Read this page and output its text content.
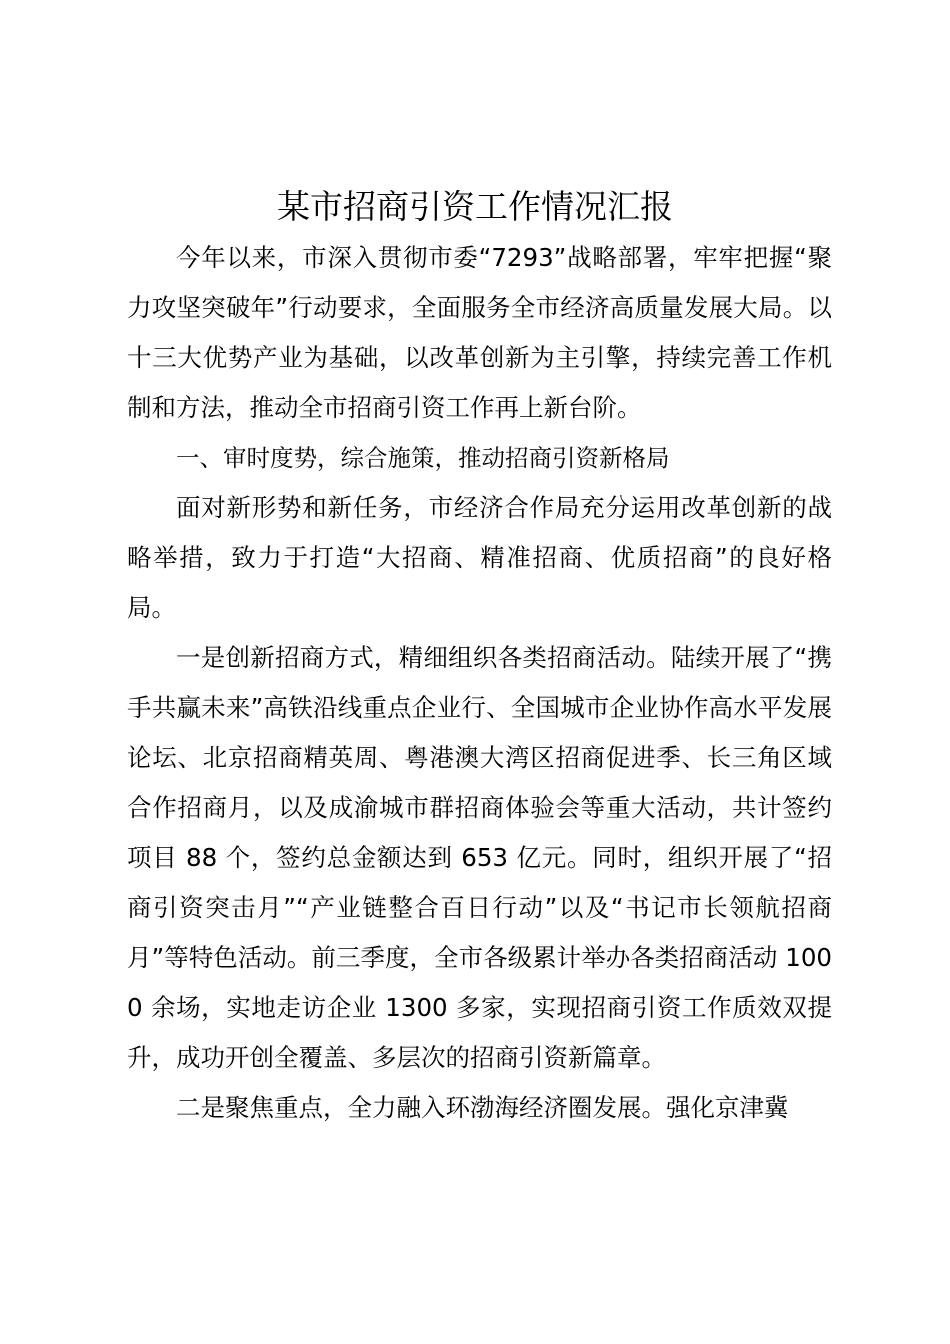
某市招商引资工作情况汇报

今年以来，市深入贯彻市委“7293”战略部署，牢牢把握“聚力攻坚突破年”行动要求，全面服务全市经济高质量发展大局。以十三大优势产业为基础，以改革创新为主引擎，持续完善工作机制和方法，推动全市招商引资工作再上新台阶。

一、审时度势，综合施策，推动招商引资新格局

面对新形势和新任务，市经济合作局充分运用改革创新的战略举措，致力于打造“大招商、精准招商、优质招商”的良好格局。

一是创新招商方式，精细组织各类招商活动。陆续开展了“携手共赢未来”高铁沿线重点企业行、全国城市企业协作高水平发展论坛、北京招商精英周、粤港澳大湾区招商促进季、长三角区域合作招商月，以及成渝城市群招商体验会等重大活动，共计签约项目 88 个，签约总金额达到 653 亿元。同时，组织开展了“招商引资突击月”“产业链整合百日行动”以及“书记市长领航招商月”等特色活动。前三季度，全市各级累计举办各类招商活动 1000 余场，实地走访企业 1300 多家，实现招商引资工作质效双提升，成功开创全覆盖、多层次的招商引资新篇章。

二是聚焦重点，全力融入环渤海经济圈发展。强化京津冀
